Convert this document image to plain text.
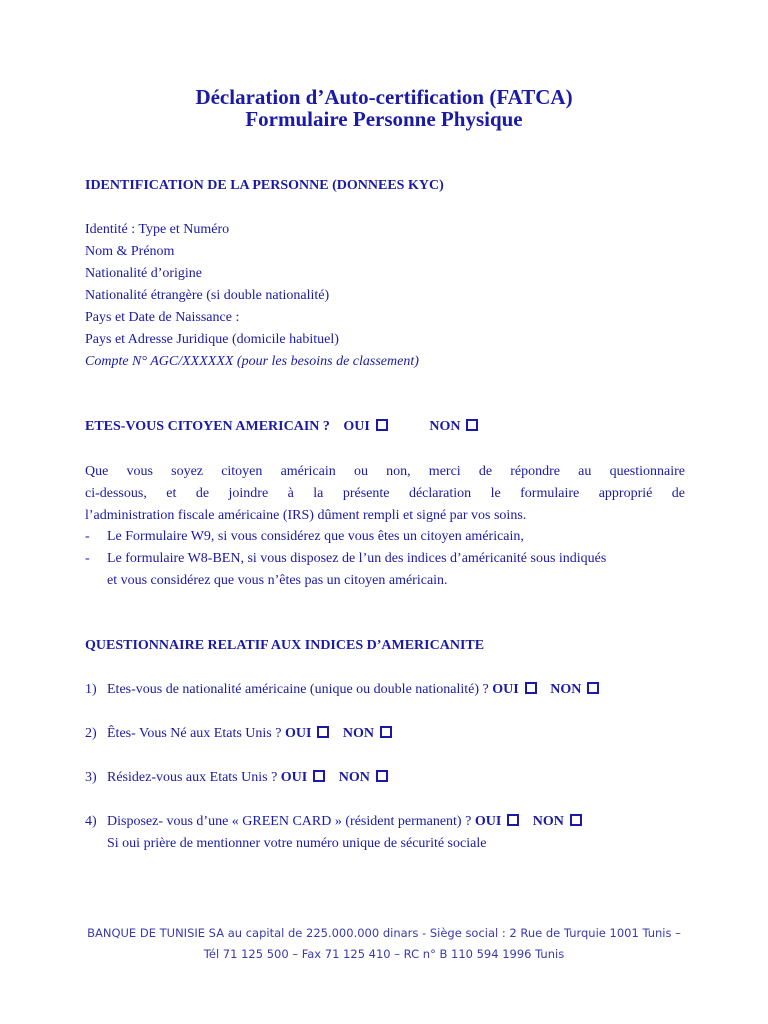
Déclaration d’Auto-certification (FATCA)
Formulaire Personne Physique
IDENTIFICATION DE LA PERSONNE (DONNEES KYC)
Identité : Type et Numéro
Nom & Prénom
Nationalité d’origine
Nationalité étrangère (si double nationalité)
Pays et Date de Naissance :
Pays et Adresse Juridique (domicile habituel)
Compte N° AGC/XXXXXX (pour les besoins de classement)
ETES-VOUS CITOYEN AMERICAIN ? OUI	NON
Que vous soyez citoyen américain ou non, merci de répondre au questionnaire
ci-dessous, et de joindre à la présente déclaration le formulaire approprié de
l’administration fiscale américaine (IRS) dûment rempli et signé par vos soins.
- Le Formulaire W9, si vous considérez que vous êtes un citoyen américain,
- Le formulaire W8-BEN, si vous disposez de l’un des indices d’américanité sous indiqués
et vous considérez que vous n’êtes pas un citoyen américain.
QUESTIONNAIRE RELATIF AUX INDICES D’AMERICANITE
1) Etes-vous de nationalité américaine (unique ou double nationalité) ? OUI NON
2) Êtes- Vous Né aux Etats Unis ? OUI NON
3) Résidez-vous aux Etats Unis ? OUI NON
4) Disposez- vous d’une « GREEN CARD » (résident permanent) ? OUI NON
Si oui prière de mentionner votre numéro unique de sécurité sociale
BANQUE DE TUNISIE SA au capital de 225.000.000 dinars - Siège social : 2 Rue de Turquie 1001 Tunis –
Tél 71 125 500 – Fax 71 125 410 – RC n° B 110 594 1996 Tunis
